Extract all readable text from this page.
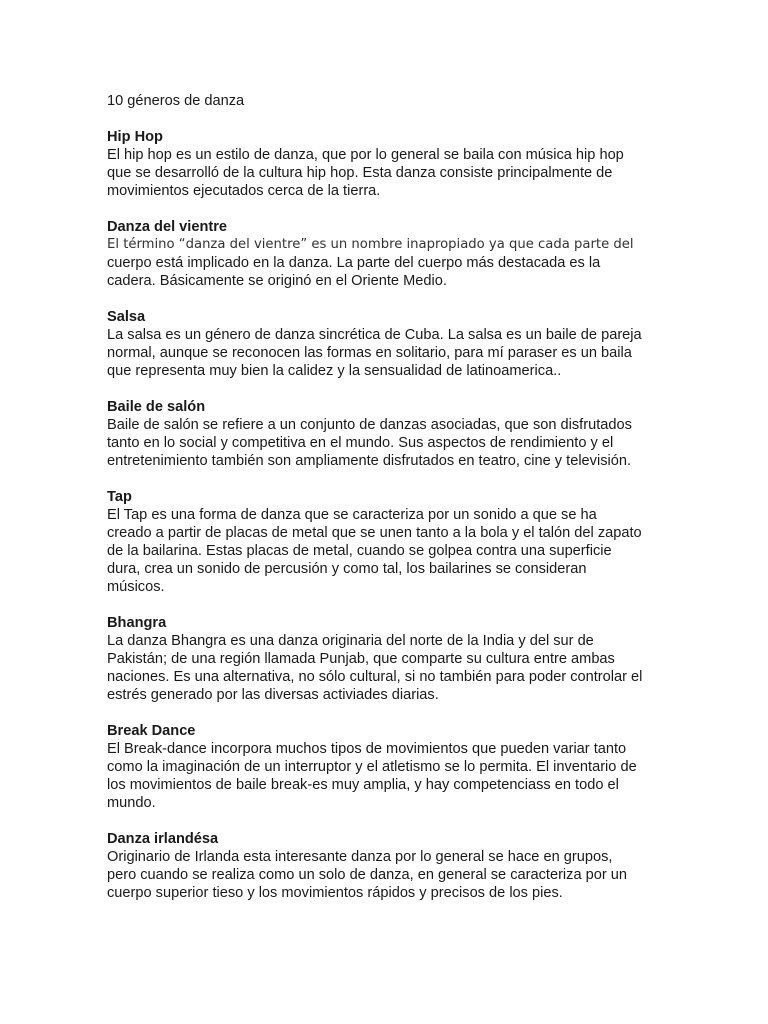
10 géneros de danza

Hip Hop

El hip hop es un estilo de danza, que por lo general se baila con música hip hop
que se desarrolló de la cultura hip hop. Esta danza consiste principalmente de
movimientos ejecutados cerca de la tierra.

Danza del vientre

El término “danza del vientre” es un nombre inapropiado ya que cada parte del

cuerpo está implicado en la danza. La parte del cuerpo más destacada es la
cadera. Básicamente se originó en el Oriente Medio.

Salsa

La salsa es un género de danza sincrética de Cuba. La salsa es un baile de pareja
normal, aunque se reconocen las formas en solitario, para mí paraser es un baila
que representa muy bien la calidez y la sensualidad de latinoamerica..

Baile de salón

Baile de salón se refiere a un conjunto de danzas asociadas, que son disfrutados
tanto en lo social y competitiva en el mundo. Sus aspectos de rendimiento y el
entretenimiento también son ampliamente disfrutados en teatro, cine y televisión.

Tap

El Tap es una forma de danza que se caracteriza por un sonido a que se ha
creado a partir de placas de metal que se unen tanto a la bola y el talón del zapato
de la bailarina. Estas placas de metal, cuando se golpea contra una superficie
dura, crea un sonido de percusión y como tal, los bailarines se consideran
músicos.

Bhangra

La danza Bhangra es una danza originaria del norte de la India y del sur de
Pakistán; de una región llamada Punjab, que comparte su cultura entre ambas
naciones. Es una alternativa, no sólo cultural, si no también para poder controlar el
estrés generado por las diversas activiades diarias.

Break Dance

El Break-dance incorpora muchos tipos de movimientos que pueden variar tanto
como la imaginación de un interruptor y el atletismo se lo permita. El inventario de
los movimientos de baile break-es muy amplia, y hay competenciass en todo el
mundo.

Danza irlandésa

Originario de Irlanda esta interesante danza por lo general se hace en grupos,
pero cuando se realiza como un solo de danza, en general se caracteriza por un
cuerpo superior tieso y los movimientos rápidos y precisos de los pies.
